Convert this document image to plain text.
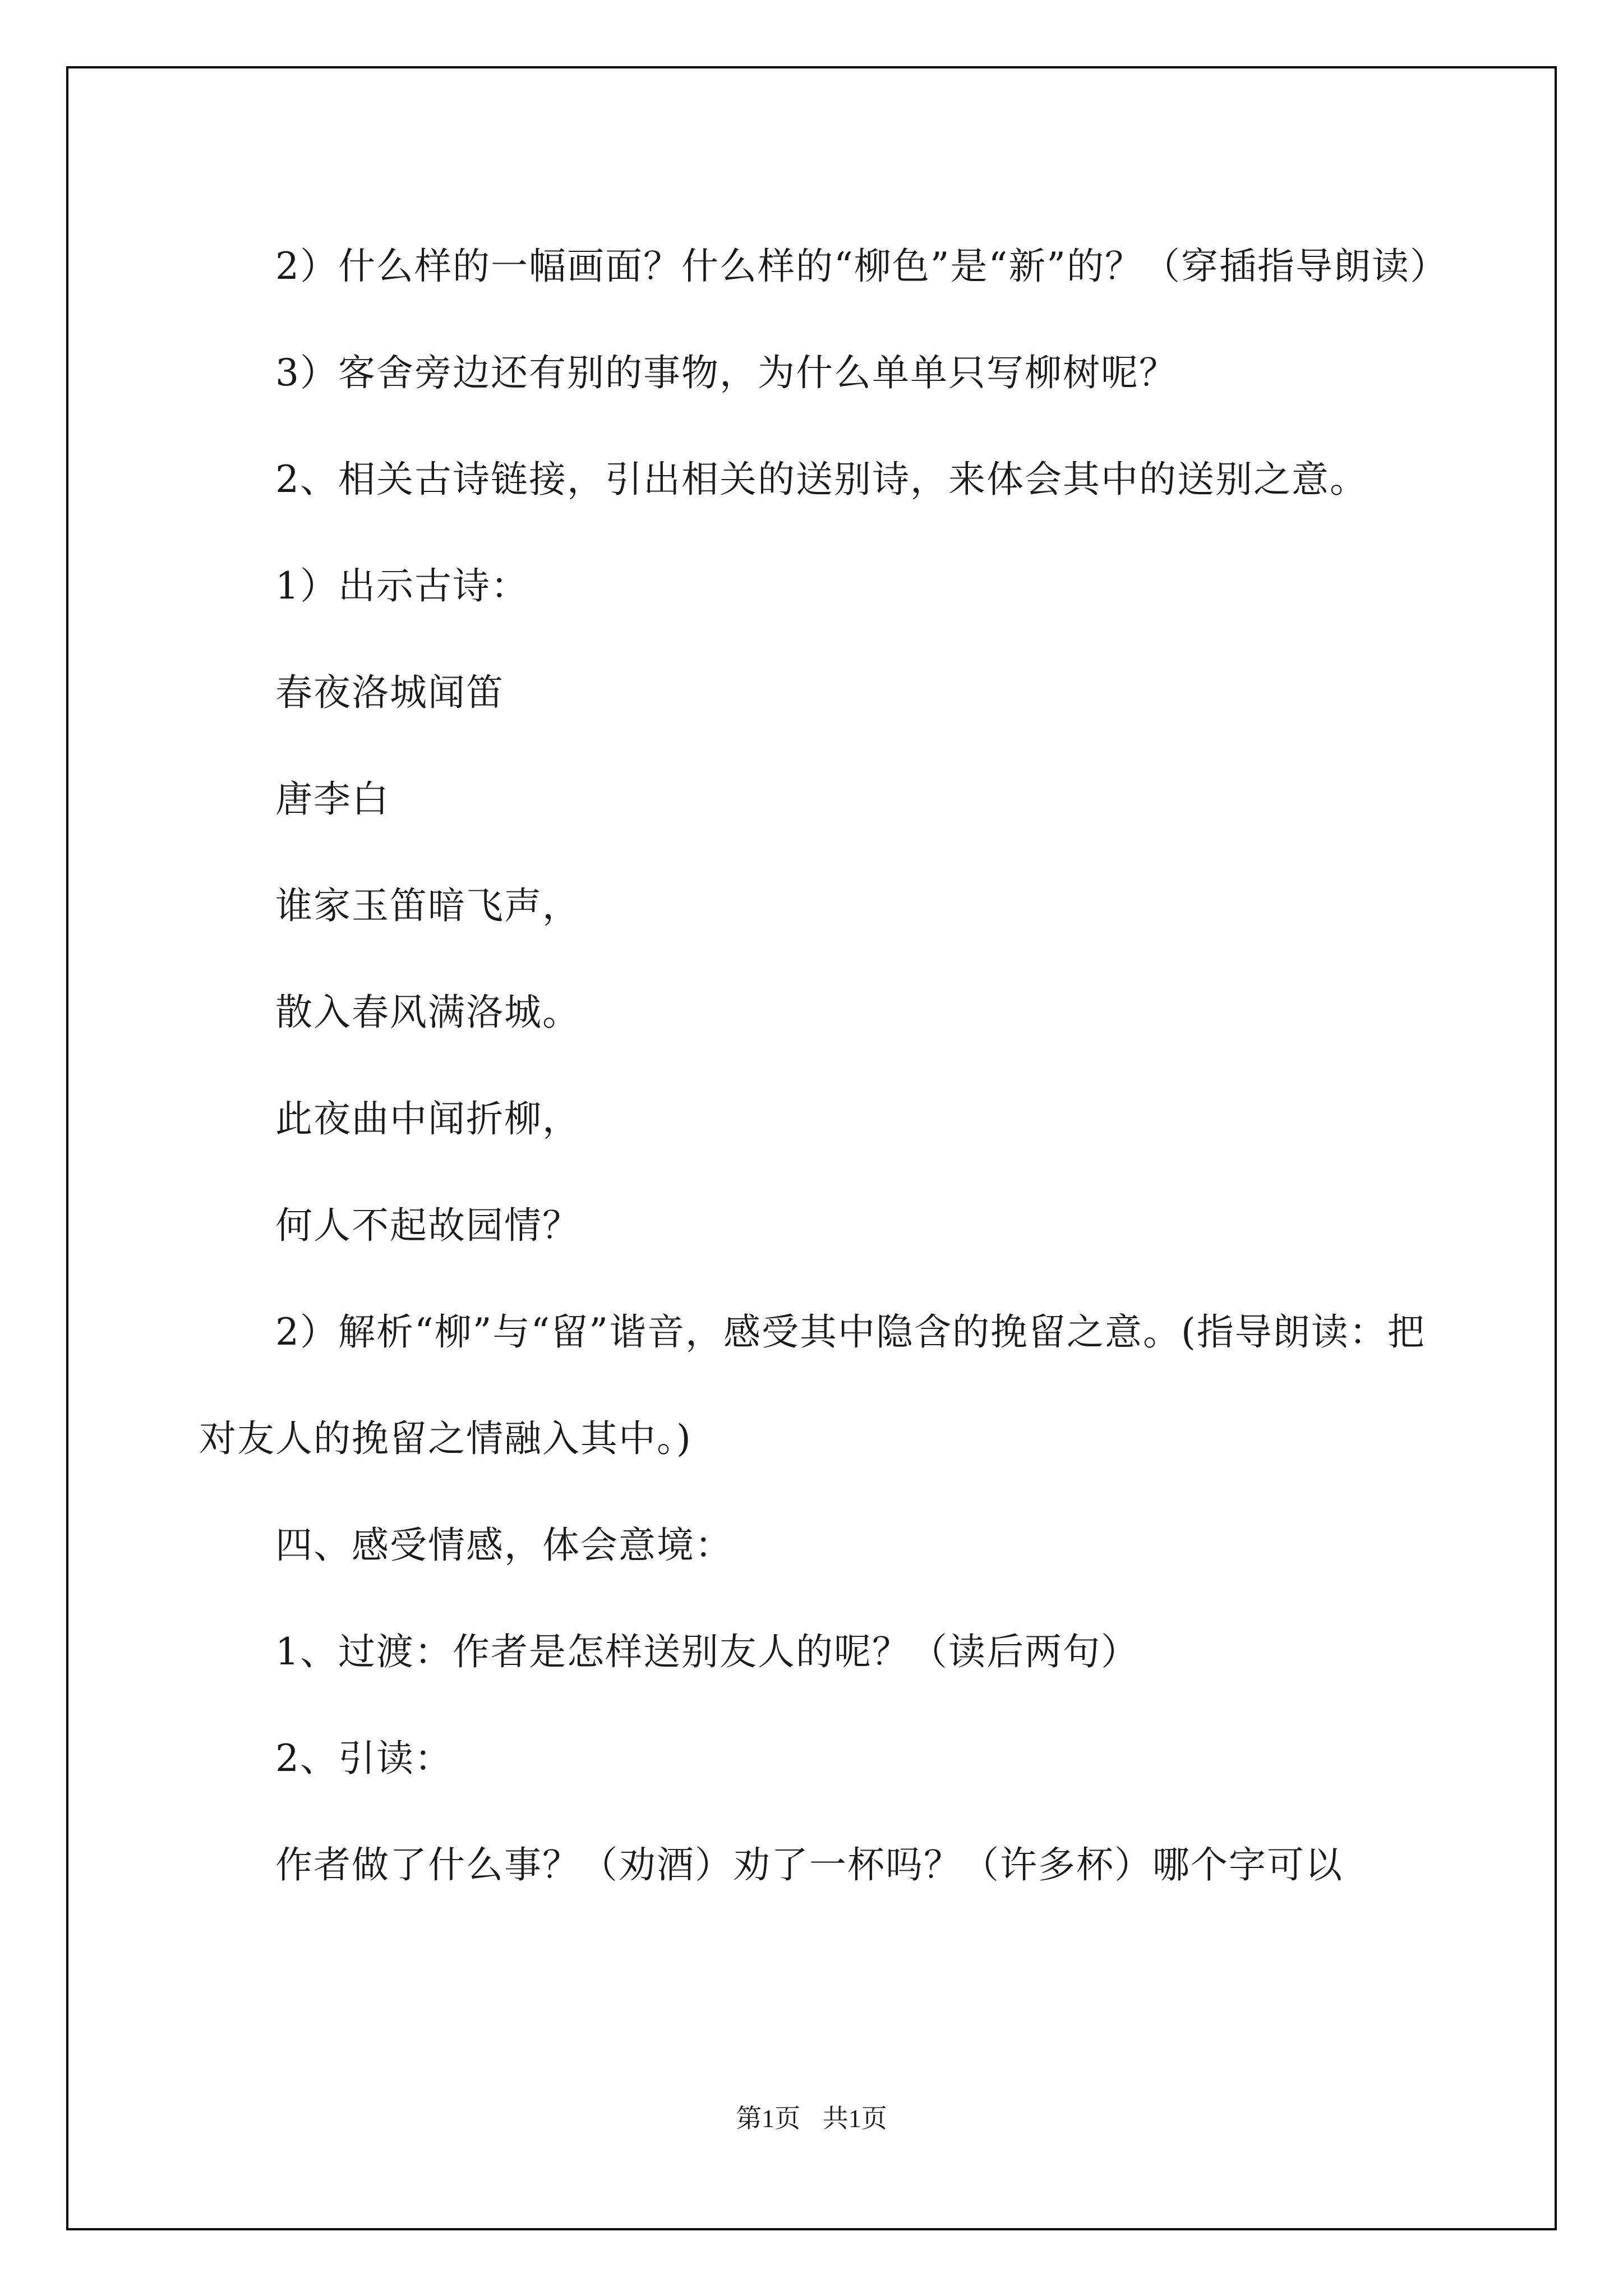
　　2）什么样的一幅画面？什么样的“柳色”是“新”的？（穿插指导朗读）

　　3）客舍旁边还有别的事物，为什么单单只写柳树呢？

　　2、相关古诗链接，引出相关的送别诗，来体会其中的送别之意。

　　1）出示古诗：

　　春夜洛城闻笛

　　唐李白

　　谁家玉笛暗飞声，

　　散入春风满洛城。

　　此夜曲中闻折柳，

　　何人不起故园情？

　　2）解析“柳”与“留”谐音，感受其中隐含的挽留之意。(指导朗读：把对友人的挽留之情融入其中。)

　　四、感受情感，体会意境：

　　1、过渡：作者是怎样送别友人的呢？（读后两句）

　　2、引读：

　　作者做了什么事？（劝酒）劝了一杯吗？（许多杯）哪个字可以

第1页 共1页
